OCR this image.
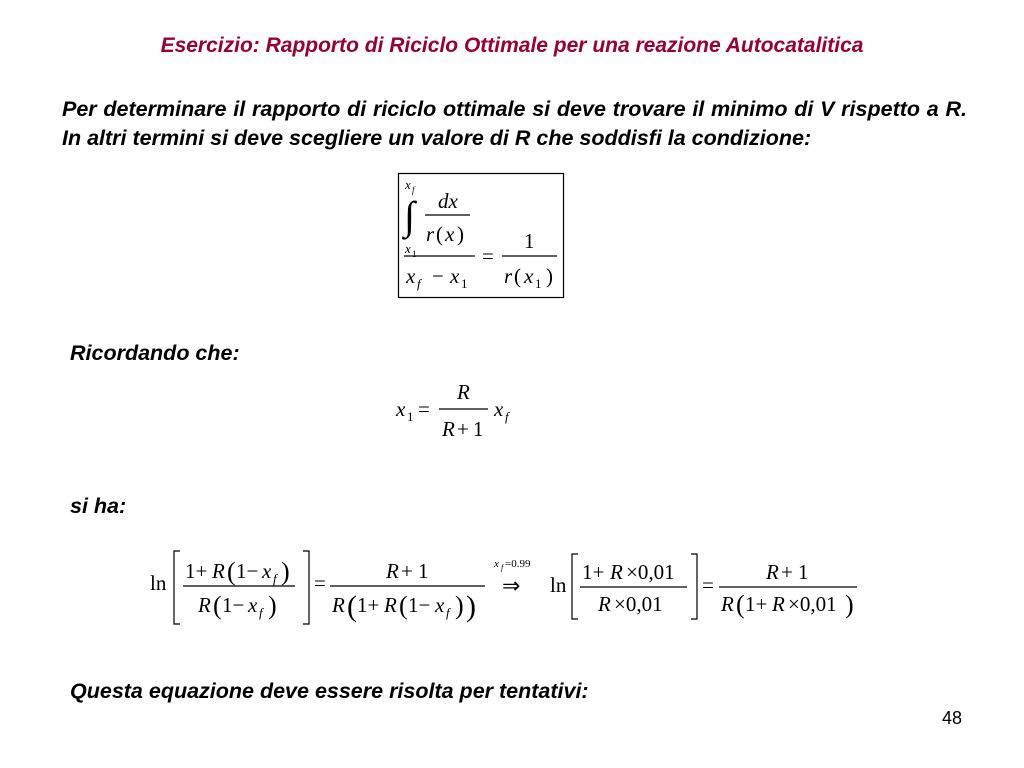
Esercizio: Rapporto di Riciclo Ottimale per una reazione Autocatalitica
Per determinare il rapporto di riciclo ottimale si deve trovare il minimo di V rispetto a R. In altri termini si deve scegliere un valore di R che soddisfi la condizione:
x f
∫
x 1
dx
r ( x )
x f − x 1
=
1
r ( x 1 )
Ricordando che:
x 1 =
R
R + 1
x f
si ha:
ln 1+ R ( 1− x f )
R ( 1− x f )
=	R + 1
R ( 1+ R ( 1− x f ) )
x f =0.99
⇒ ln
1+ R ×0,01
R ×0,01
=
R + 1
R ( 1+ R ×0,01 )
Questa equazione deve essere risolta per tentativi:
48
